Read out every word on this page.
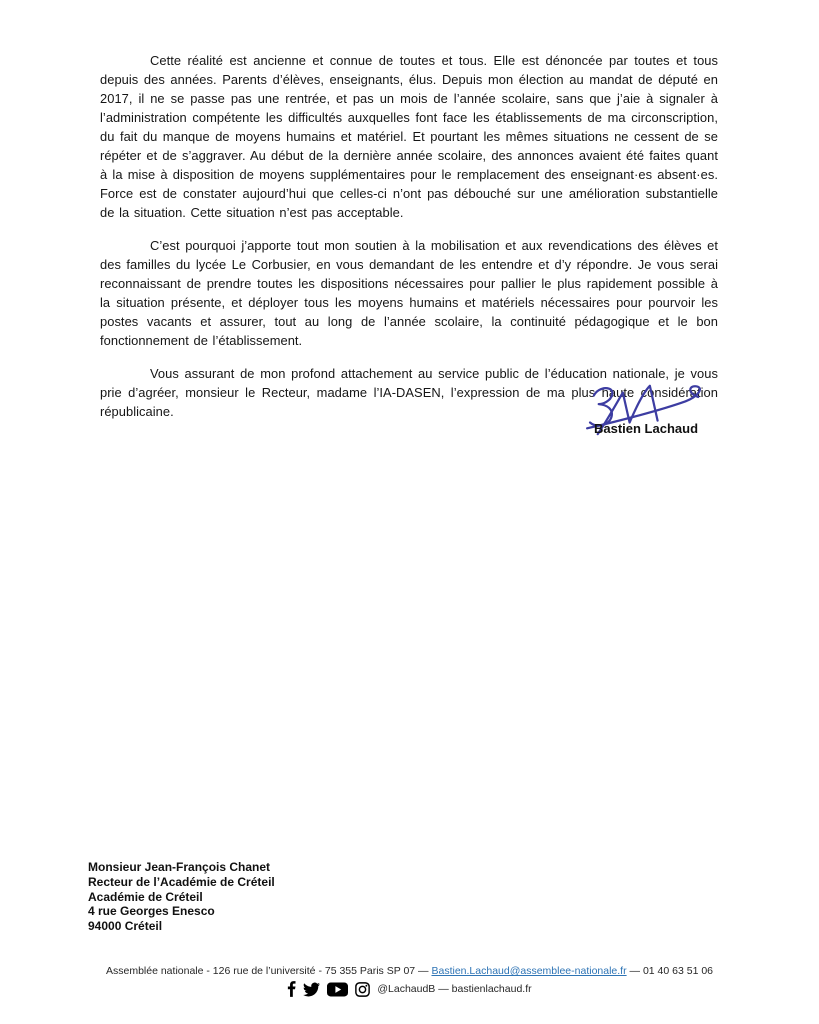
Cette réalité est ancienne et connue de toutes et tous. Elle est dénoncée par toutes et tous depuis des années. Parents d’élèves, enseignants, élus. Depuis mon élection au mandat de député en 2017, il ne se passe pas une rentrée, et pas un mois de l’année scolaire, sans que j’aie à signaler à l’administration compétente les difficultés auxquelles font face les établissements de ma circonscription, du fait du manque de moyens humains et matériel. Et pourtant les mêmes situations ne cessent de se répéter et de s’aggraver. Au début de la dernière année scolaire, des annonces avaient été faites quant à la mise à disposition de moyens supplémentaires pour le remplacement des enseignant·es absent·es. Force est de constater aujourd’hui que celles-ci n’ont pas débouché sur une amélioration substantielle de la situation. Cette situation n’est pas acceptable.

C’est pourquoi j’apporte tout mon soutien à la mobilisation et aux revendications des élèves et des familles du lycée Le Corbusier, en vous demandant de les entendre et d’y répondre. Je vous serai reconnaissant de prendre toutes les dispositions nécessaires pour pallier le plus rapidement possible à la situation présente, et déployer tous les moyens humains et matériels nécessaires pour pourvoir les postes vacants et assurer, tout au long de l’année scolaire, la continuité pédagogique et le bon fonctionnement de l’établissement.

Vous assurant de mon profond attachement au service public de l’éducation nationale, je vous prie d’agréer, monsieur le Recteur, madame l’IA-DASEN, l’expression de ma plus haute considération républicaine.

Bastien Lachaud
Monsieur Jean-François Chanet
Recteur de l’Académie de Créteil
Académie de Créteil
4 rue Georges Enesco
94000 Créteil
Assemblée nationale - 126 rue de l’université - 75 355 Paris SP 07 — Bastien.Lachaud@assemblee-nationale.fr — 01 40 63 51 06
@LachaudB — bastienlachaud.fr
